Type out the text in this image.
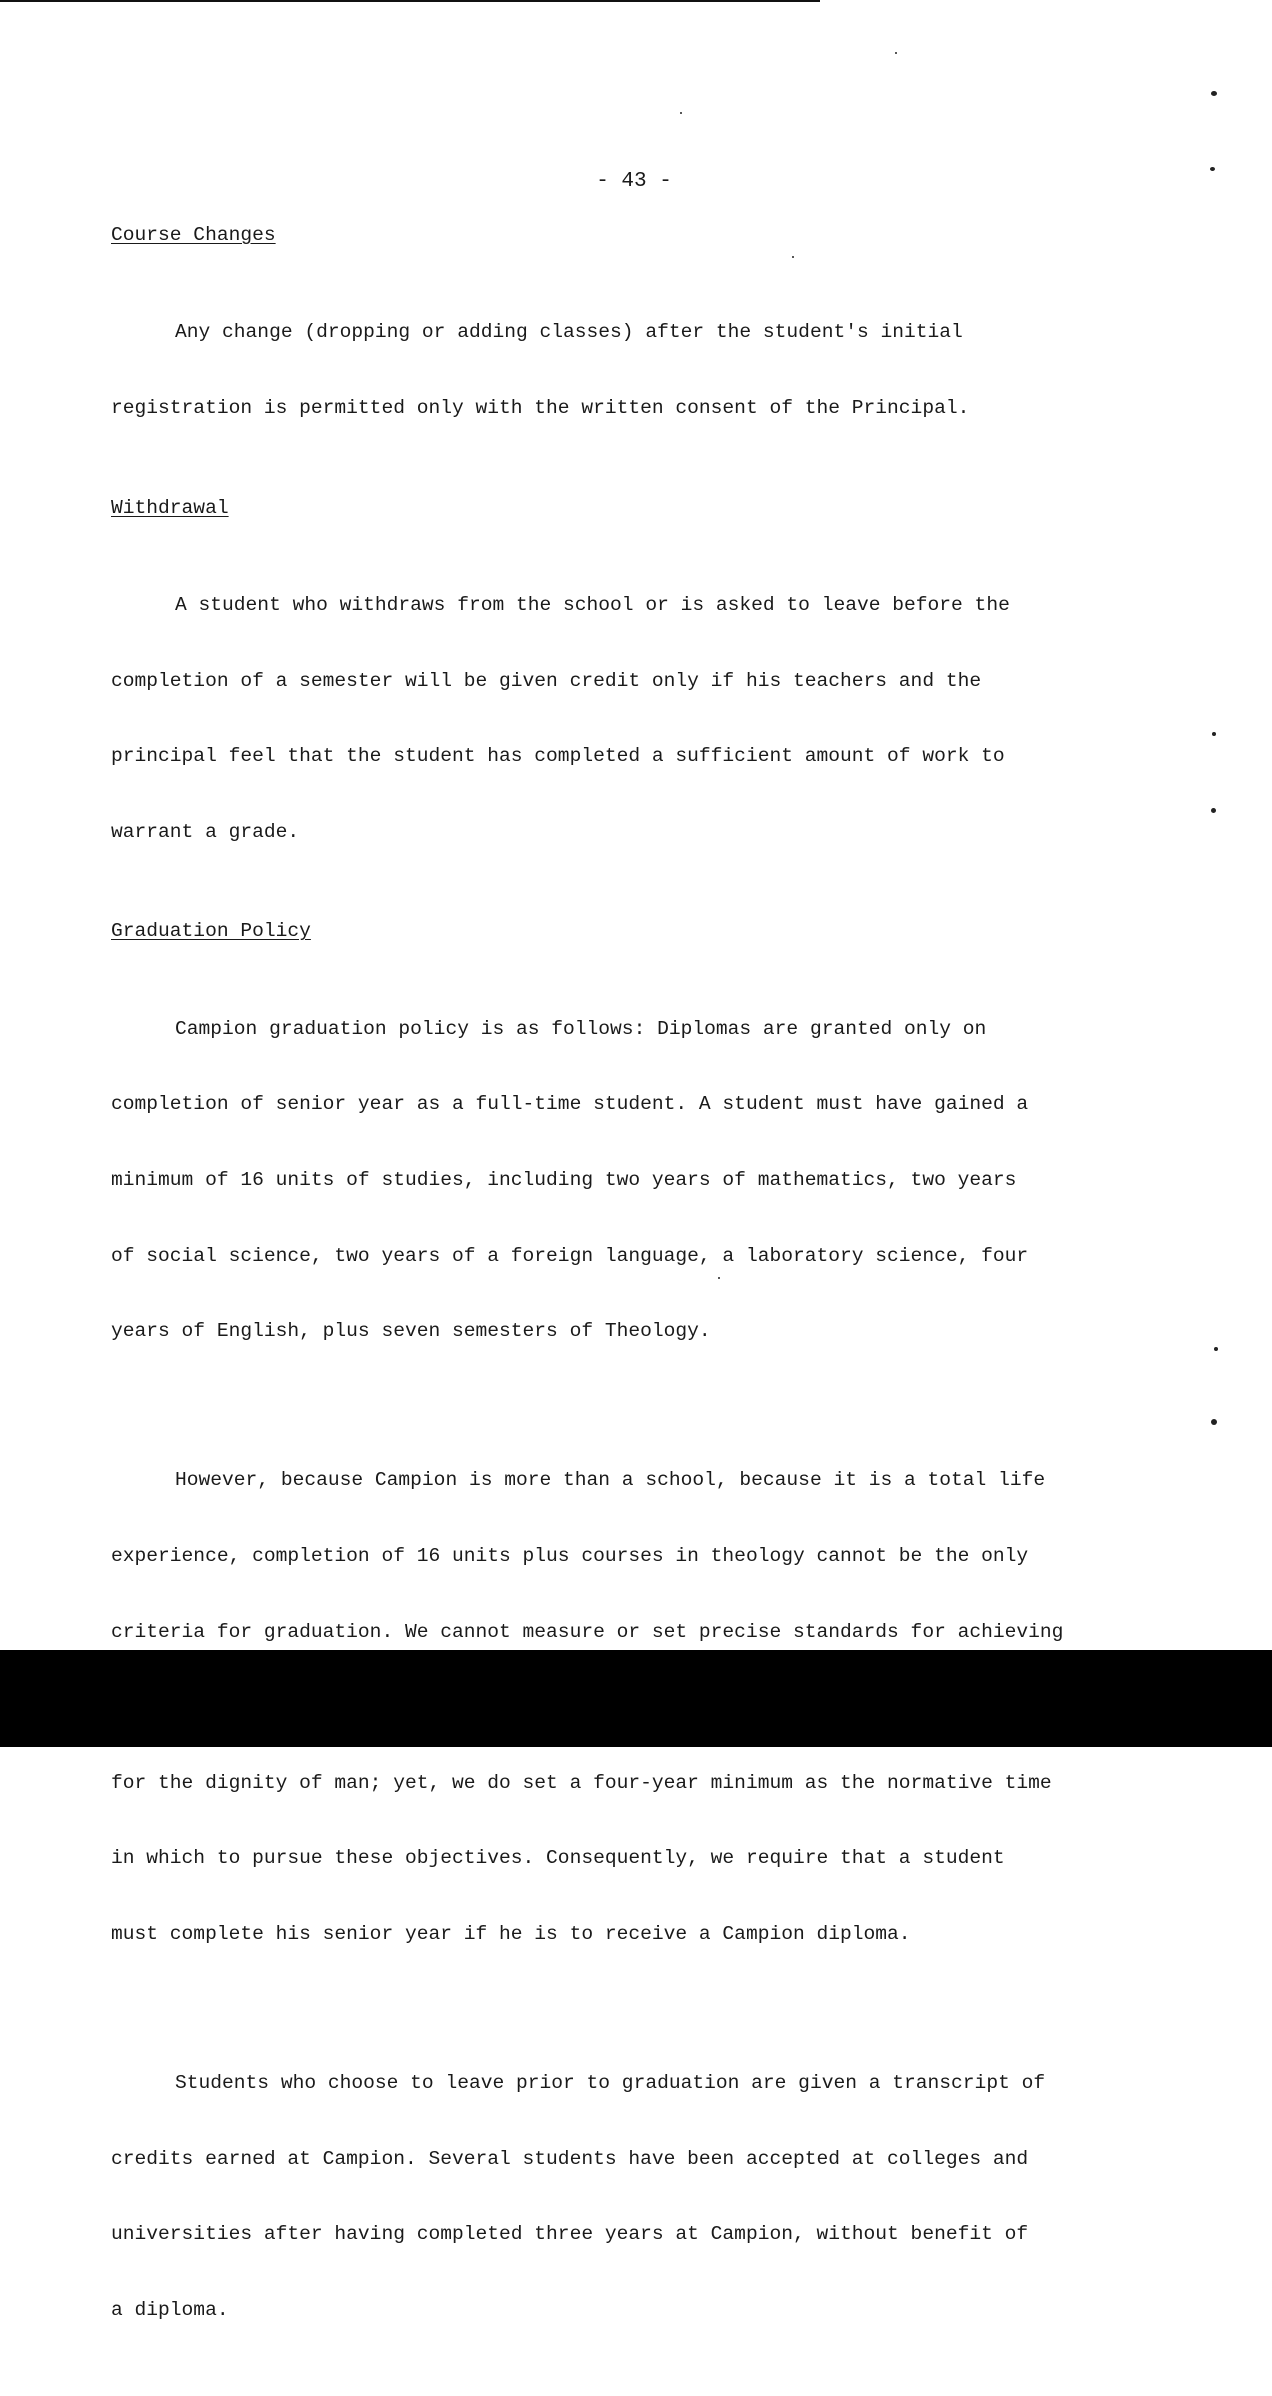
- 43 -
Course Changes

Any change (dropping or adding classes) after the student's initial

registration is permitted only with the written consent of the Principal.

Withdrawal

A student who withdraws from the school or is asked to leave before the

completion of a semester will be given credit only if his teachers and the

principal feel that the student has completed a sufficient amount of work to

warrant a grade.

Graduation Policy

Campion graduation policy is as follows: Diplomas are granted only on

completion of senior year as a full-time student. A student must have gained a

minimum of 16 units of studies, including two years of mathematics, two years

of social science, two years of a foreign language, a laboratory science, four

years of English, plus seven semesters of Theology.

However, because Campion is more than a school, because it is a total life

experience, completion of 16 units plus courses in theology cannot be the only

criteria for graduation. We cannot measure or set precise standards for achieving

for the dignity of man; yet, we do set a four-year minimum as the normative time

in which to pursue these objectives. Consequently, we require that a student

must complete his senior year if he is to receive a Campion diploma.

Students who choose to leave prior to graduation are given a transcript of

credits earned at Campion. Several students have been accepted at colleges and

universities after having completed three years at Campion, without benefit of

a diploma.
